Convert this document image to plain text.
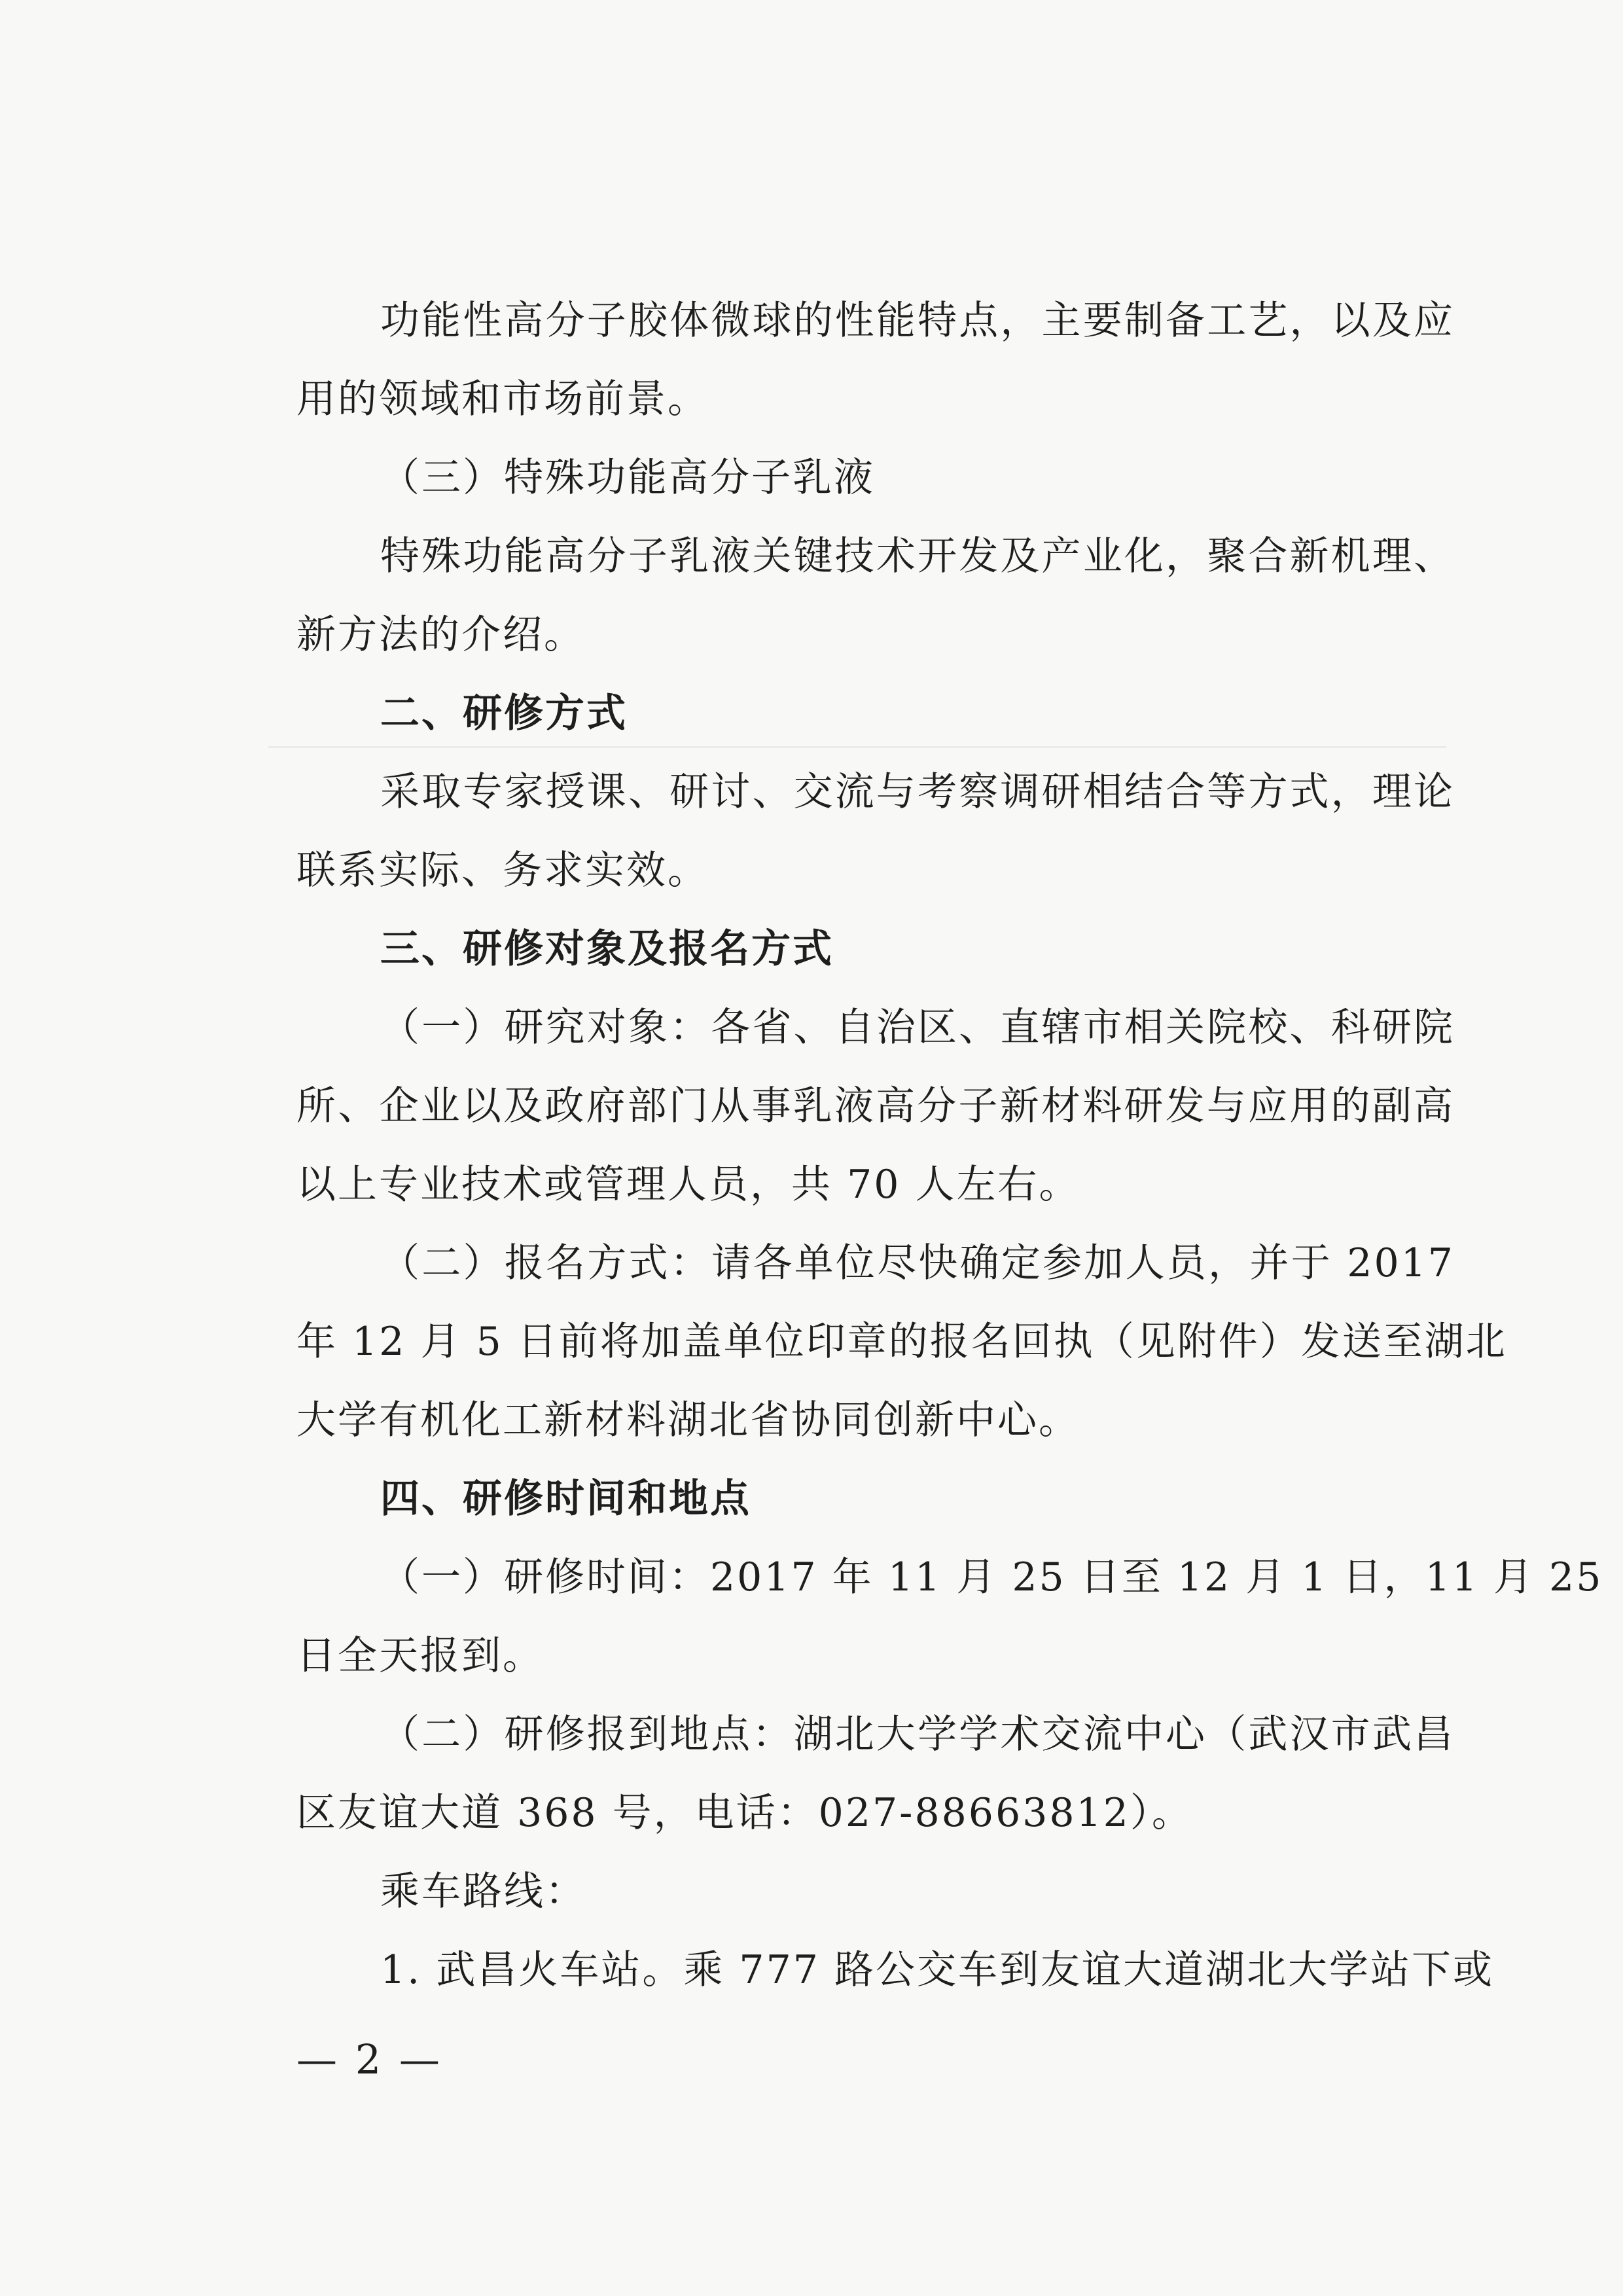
功能性高分子胶体微球的性能特点，主要制备工艺，以及应
用的领域和市场前景。
（三）特殊功能高分子乳液
特殊功能高分子乳液关键技术开发及产业化，聚合新机理、
新方法的介绍。
二、研修方式
采取专家授课、研讨、交流与考察调研相结合等方式，理论
联系实际、务求实效。
三、研修对象及报名方式
（一）研究对象：各省、自治区、直辖市相关院校、科研院
所、企业以及政府部门从事乳液高分子新材料研发与应用的副高
以上专业技术或管理人员，共 70 人左右。
（二）报名方式：请各单位尽快确定参加人员，并于 2017
年 12 月 5 日前将加盖单位印章的报名回执（见附件）发送至湖北
大学有机化工新材料湖北省协同创新中心。
四、研修时间和地点
（一）研修时间：2017 年 11 月 25 日至 12 月 1 日，11 月 25
日全天报到。
（二）研修报到地点：湖北大学学术交流中心（武汉市武昌
区友谊大道 368 号，电话：027-88663812）。
乘车路线：
1. 武昌火车站。乘 777 路公交车到友谊大道湖北大学站下或
— 2 —
